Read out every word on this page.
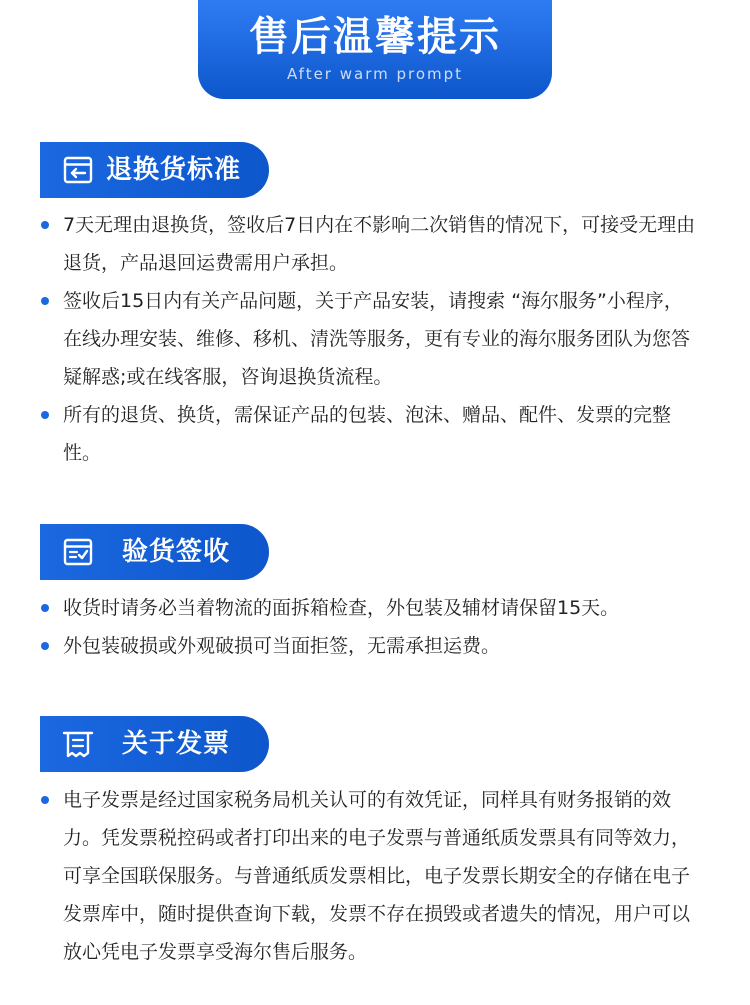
售后温馨提示
After warm prompt
退换货标准
7天无理由退换货，签收后7日内在不影响二次销售的情况下，可接受无理由退货，产品退回运费需用户承担。
签收后15日内有关产品问题，关于产品安装，请搜索 “海尔服务”小程序，在线办理安装、维修、移机、清洗等服务，更有专业的海尔服务团队为您答疑解惑;或在线客服，咨询退换货流程。
所有的退货、换货，需保证产品的包装、泡沫、赠品、配件、发票的完整性。
验货签收
收货时请务必当着物流的面拆箱检查，外包装及辅材请保留15天。
外包装破损或外观破损可当面拒签，无需承担运费。
关于发票
电子发票是经过国家税务局机关认可的有效凭证，同样具有财务报销的效力。凭发票税控码或者打印出来的电子发票与普通纸质发票具有同等效力，可享全国联保服务。与普通纸质发票相比，电子发票长期安全的存储在电子发票库中，随时提供查询下载，发票不存在损毁或者遗失的情况，用户可以放心凭电子发票享受海尔售后服务。
